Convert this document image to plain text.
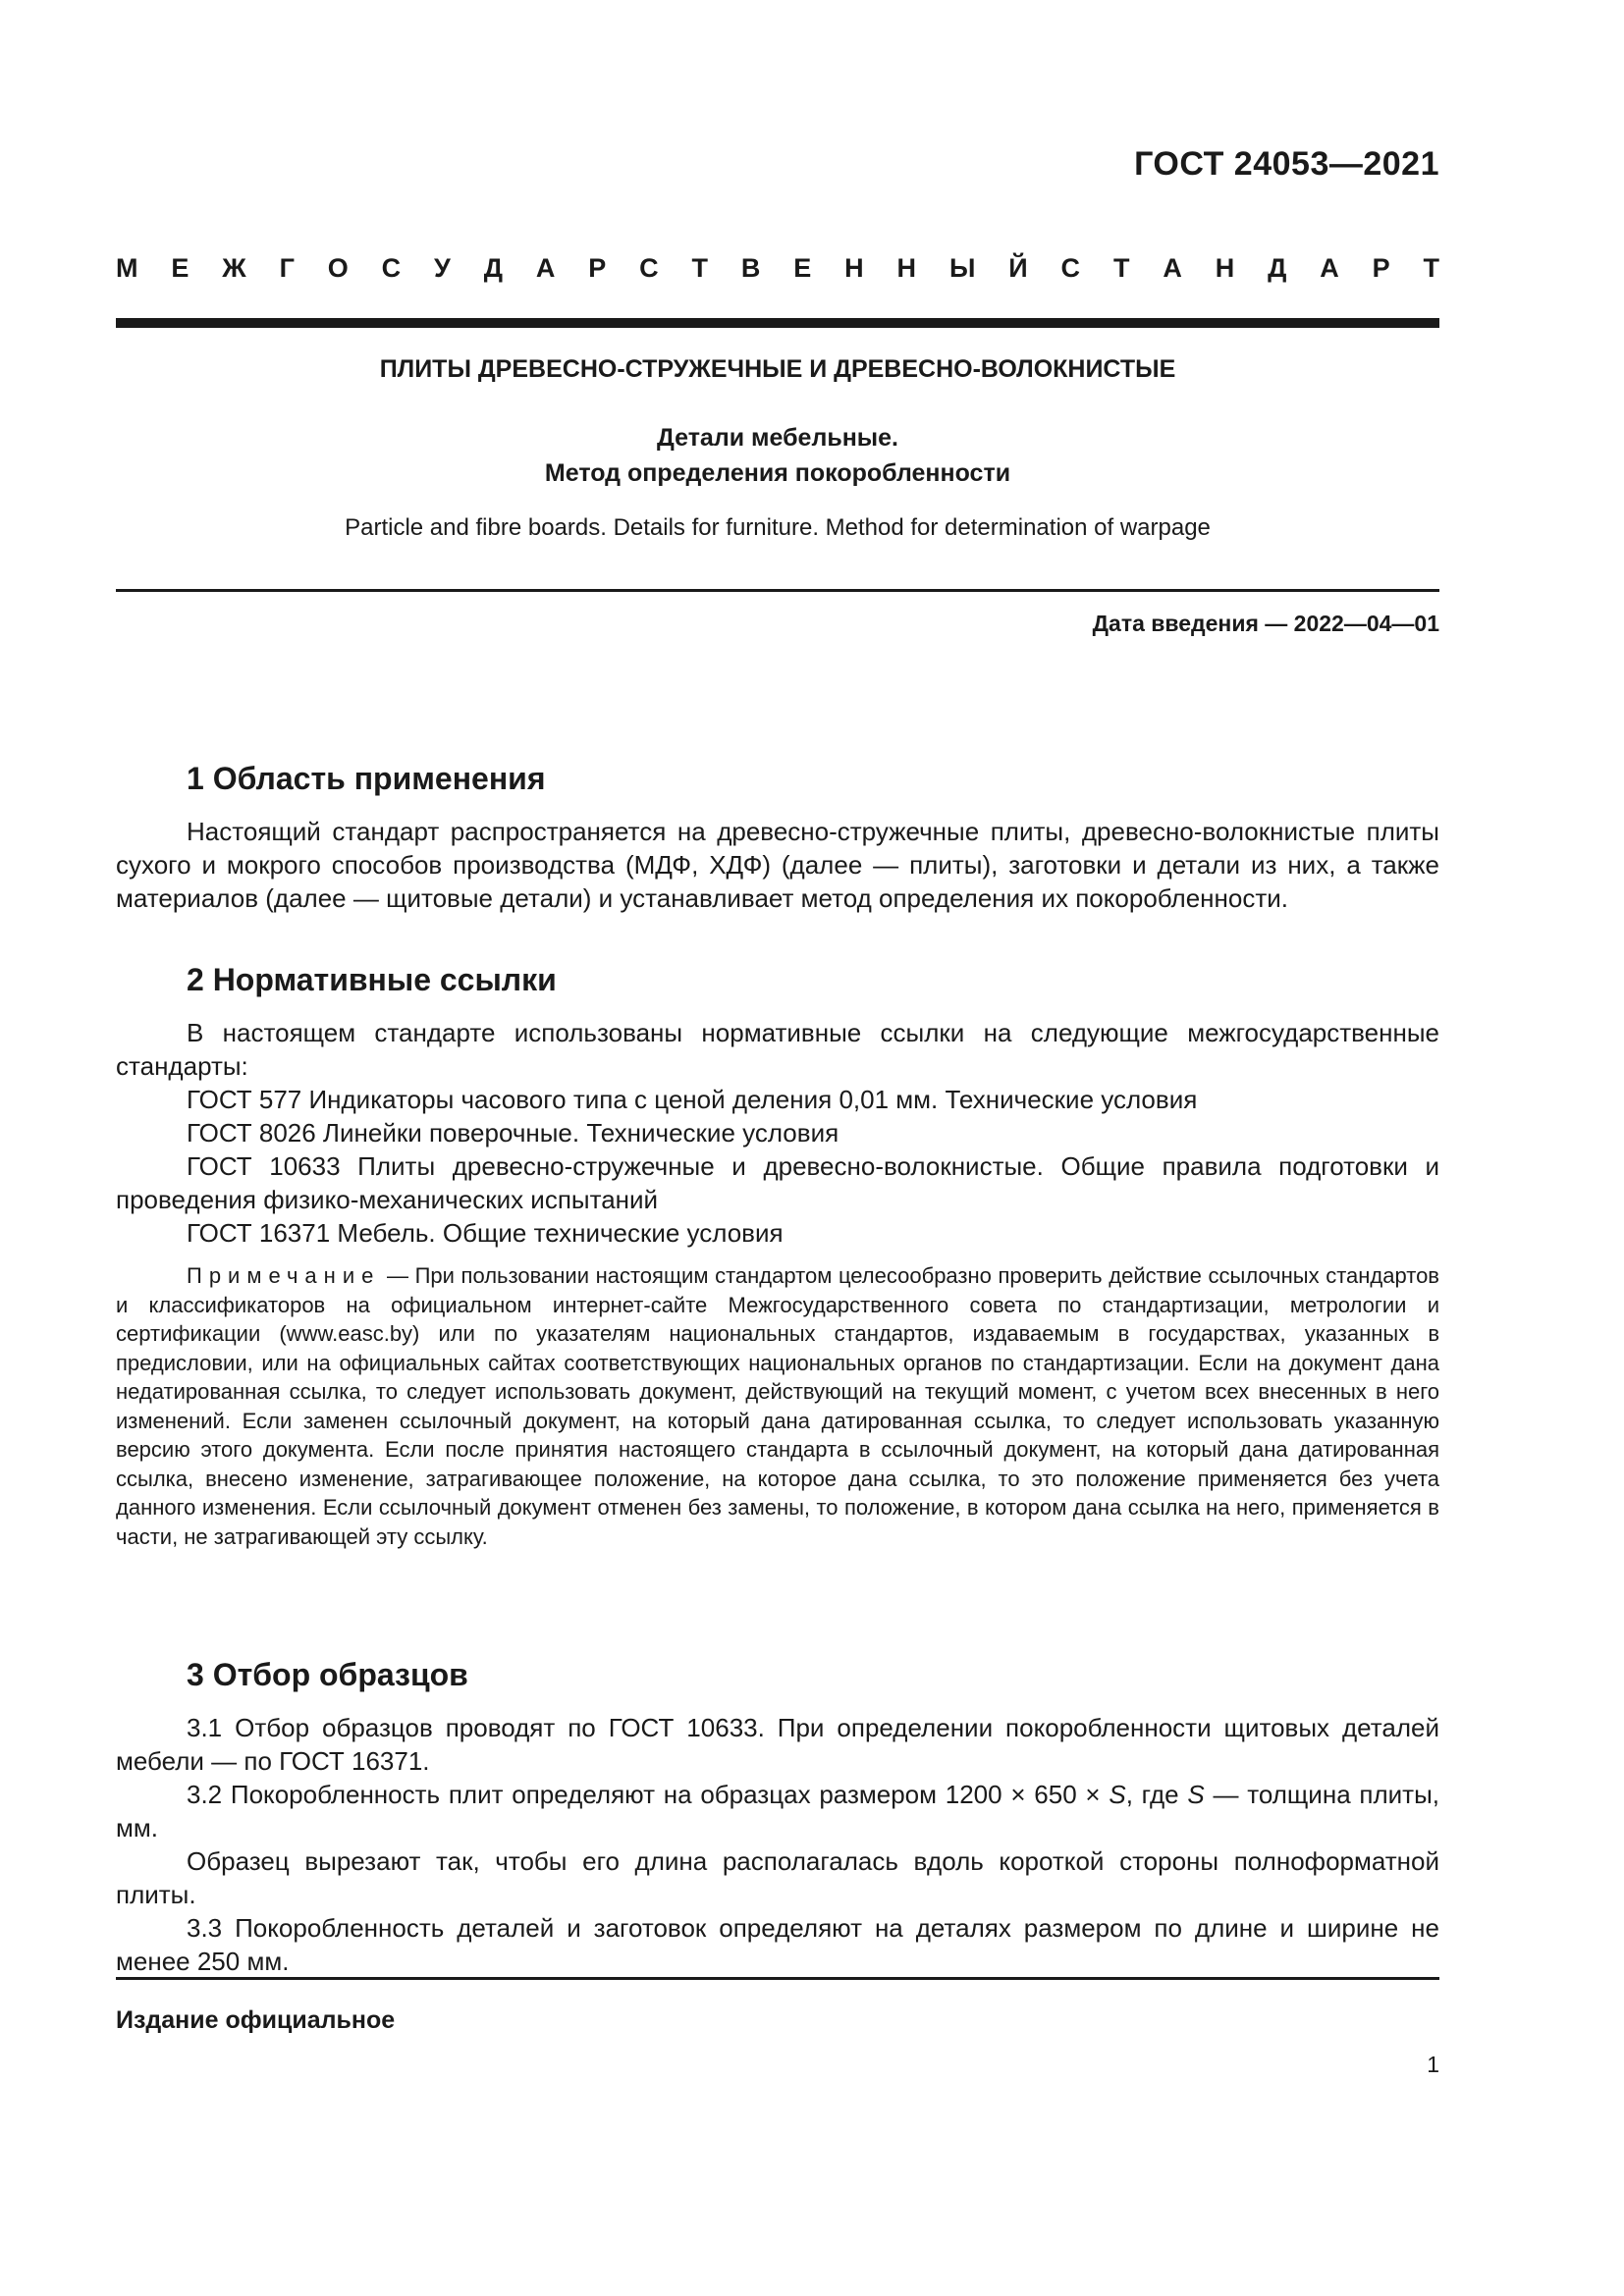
ГОСТ 24053—2021
М Е Ж Г О С У Д А Р С Т В Е Н Н Ы Й С Т А Н Д А Р Т
ПЛИТЫ ДРЕВЕСНО-СТРУЖЕЧНЫЕ И ДРЕВЕСНО-ВОЛОКНИСТЫЕ
Детали мебельные.
Метод определения покоробленности
Particle and fibre boards. Details for furniture. Method for determination of warpage
Дата введения — 2022—04—01
1 Область применения

Настоящий стандарт распространяется на древесно-стружечные плиты, древесно-волокнистые плиты сухого и мокрого способов производства (МДФ, ХДФ) (далее — плиты), заготовки и детали из них, а также материалов (далее — щитовые детали) и устанавливает метод определения их покоробленности.

2 Нормативные ссылки

В настоящем стандарте использованы нормативные ссылки на следующие межгосударственные стандарты:

ГОСТ 577 Индикаторы часового типа с ценой деления 0,01 мм. Технические условия

ГОСТ 8026 Линейки поверочные. Технические условия

ГОСТ 10633 Плиты древесно-стружечные и древесно-волокнистые. Общие правила подготовки и проведения физико-механических испытаний

ГОСТ 16371 Мебель. Общие технические условия

Примечание — При пользовании настоящим стандартом целесообразно проверить действие ссылочных стандартов и классификаторов на официальном интернет-сайте Межгосударственного совета по стандартизации, метрологии и сертификации (www.easc.by) или по указателям национальных стандартов, издаваемым в государствах, указанных в предисловии, или на официальных сайтах соответствующих национальных органов по стандартизации. Если на документ дана недатированная ссылка, то следует использовать документ, действующий на текущий момент, с учетом всех внесенных в него изменений. Если заменен ссылочный документ, на который дана датированная ссылка, то следует использовать указанную версию этого документа. Если после принятия настоящего стандарта в ссылочный документ, на который дана датированная ссылка, внесено изменение, затрагивающее положение, на которое дана ссылка, то это положение применяется без учета данного изменения. Если ссылочный документ отменен без замены, то положение, в котором дана ссылка на него, применяется в части, не затрагивающей эту ссылку.
3 Отбор образцов

3.1 Отбор образцов проводят по ГОСТ 10633. При определении покоробленности щитовых деталей мебели — по ГОСТ 16371.

3.2 Покоробленность плит определяют на образцах размером 1200 × 650 × S, где S — толщина плиты, мм.

Образец вырезают так, чтобы его длина располагалась вдоль короткой стороны полноформатной плиты.

3.3 Покоробленность деталей и заготовок определяют на деталях размером по длине и ширине не менее 250 мм.

Издание официальное
1
